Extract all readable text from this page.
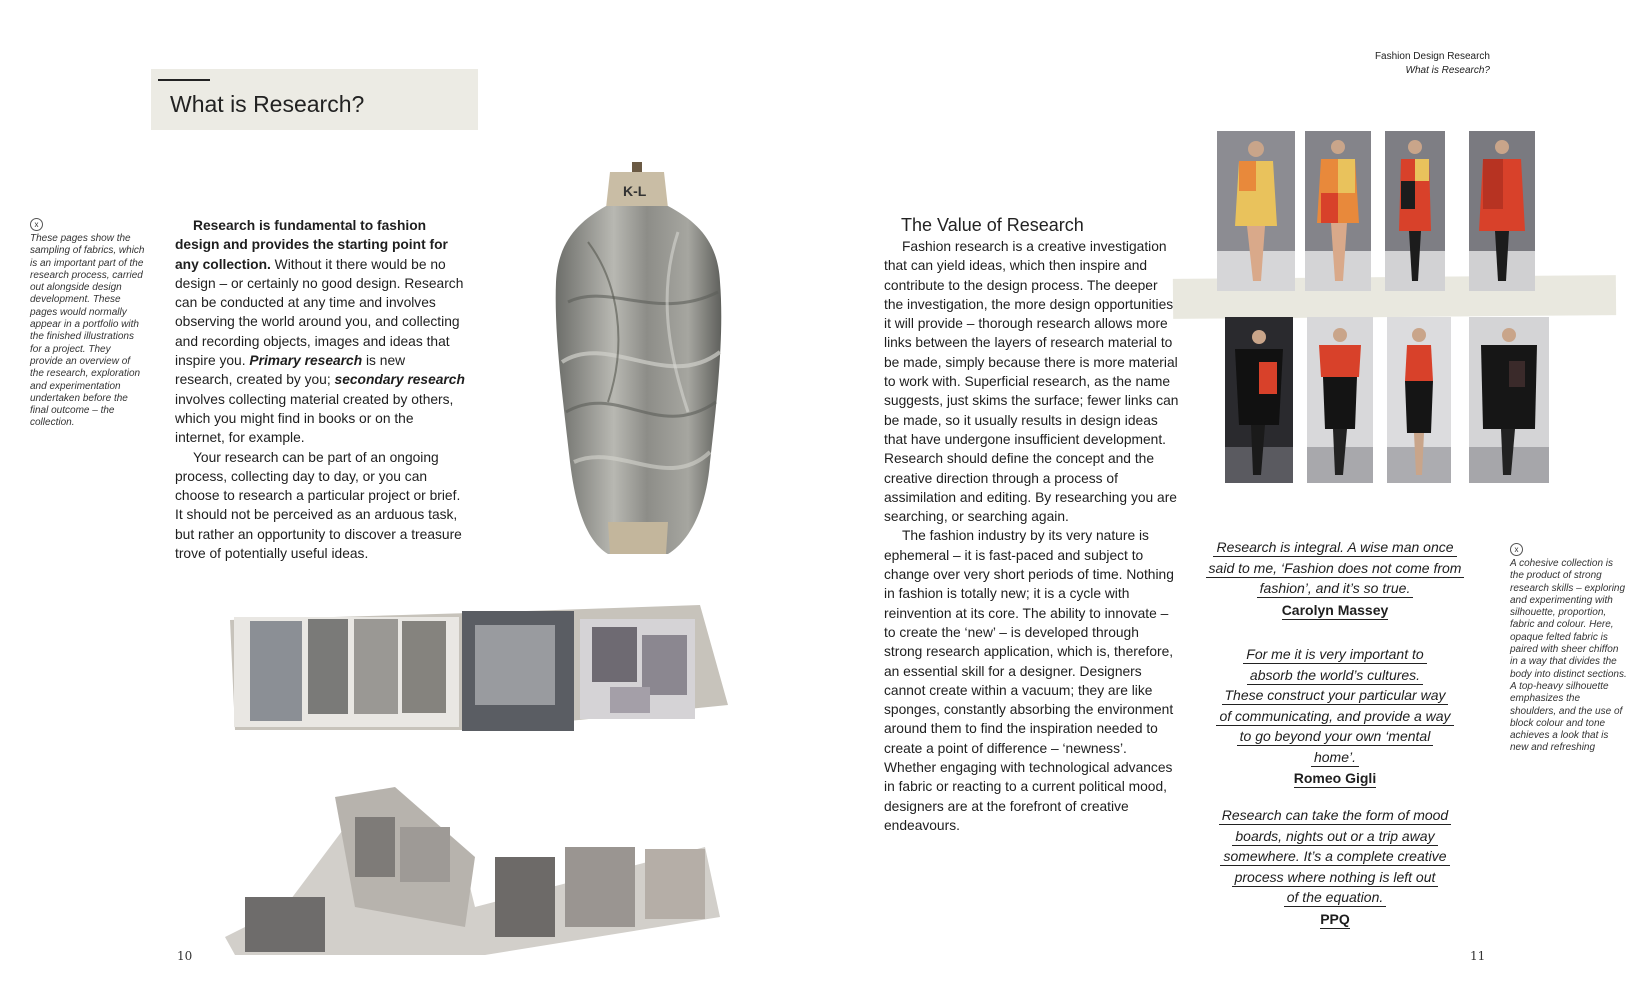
What is Research?
x
These pages show the sampling of fabrics, which is an important part of the research process, carried out alongside design development. These pages would normally appear in a portfolio with the finished illustrations for a project. They provide an overview of the research, exploration and experimentation undertaken before the final outcome – the collection.

Research is fundamental to fashion design and provides the starting point for any collection. Without it there would be no design – or certainly no good design. Research can be conducted at any time and involves observing the world around you, and collecting and recording objects, images and ideas that inspire you. Primary research is new research, created by you; secondary research involves collecting material created by others, which you might find in books or on the internet, for example.

Your research can be part of an ongoing process, collecting day to day, or you can choose to research a particular project or brief. It should not be perceived as an arduous task, but rather an opportunity to discover a treasure trove of potentially useful ideas.

K-L
10
Fashion Design Research
What is Research?
The Value of Research

Fashion research is a creative investigation that can yield ideas, which then inspire and contribute to the design process. The deeper the investigation, the more design opportunities it will provide – thorough research allows more links between the layers of research material to be made, simply because there is more material to work with. Superficial research, as the name suggests, just skims the surface; fewer links can be made, so it usually results in design ideas that have undergone insufficient development. Research should define the concept and the creative direction through a process of assimilation and editing. By researching you are searching, or searching again.

The fashion industry by its very nature is ephemeral – it is fast-paced and subject to change over very short periods of time. Nothing in fashion is totally new; it is a cycle with reinvention at its core. The ability to innovate – to create the ‘new’ – is developed through strong research application, which is, therefore, an essential skill for a designer. Designers cannot create within a vacuum; they are like sponges, constantly absorbing the environment around them to find the inspiration needed to create a point of difference – ‘newness’. Whether engaging with technological advances in fabric or reacting to a current political mood, designers are at the forefront of creative endeavours.

Research is integral. A wise man once
said to me, ‘Fashion does not come from
fashion’, and it’s so true.
Carolyn Massey
For me it is very important to
absorb the world’s cultures.
These construct your particular way
of communicating, and provide a way
to go beyond your own ‘mental
home’.
Romeo Gigli
Research can take the form of mood
boards, nights out or a trip away
somewhere. It’s a complete creative
process where nothing is left out
of the equation.
PPQ
x
A cohesive collection is the product of strong research skills – exploring and experimenting with silhouette, proportion, fabric and colour. Here, opaque felted fabric is paired with sheer chiffon in a way that divides the body into distinct sections. A top-heavy silhouette emphasizes the shoulders, and the use of block colour and tone achieves a look that is new and refreshing
11
